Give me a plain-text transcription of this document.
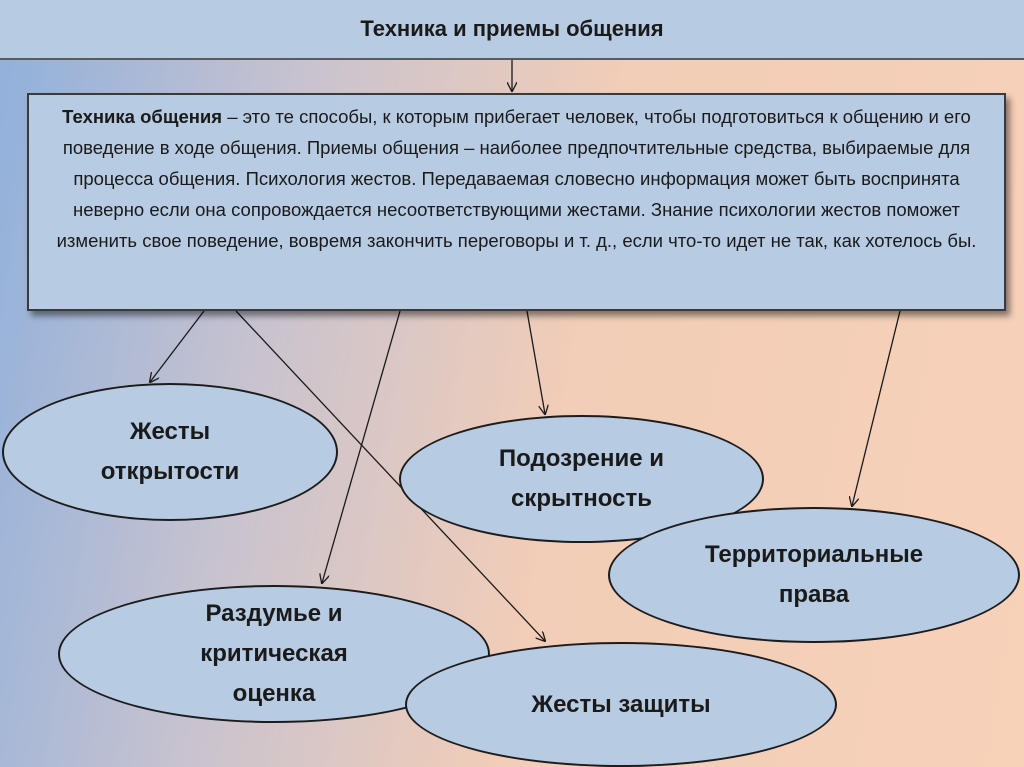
Техника и приемы общения
Техника общения – это те способы, к которым прибегает человек, чтобы подготовиться к общению и его поведение в ходе общения. Приемы общения – наиболее предпочтительные средства, выбираемые для процесса общения. Психология жестов. Передаваемая словесно информация может быть воспринята неверно если она сопровождается несоответствующими жестами. Знание психологии жестов поможет изменить свое поведение, вовремя закончить переговоры и т. д., если что-то идет не так, как хотелось бы.
Жесты
открытости	Подозрение и
скрытность
Территориальные
права
Раздумье и
критическая
оценка	Жесты защиты
